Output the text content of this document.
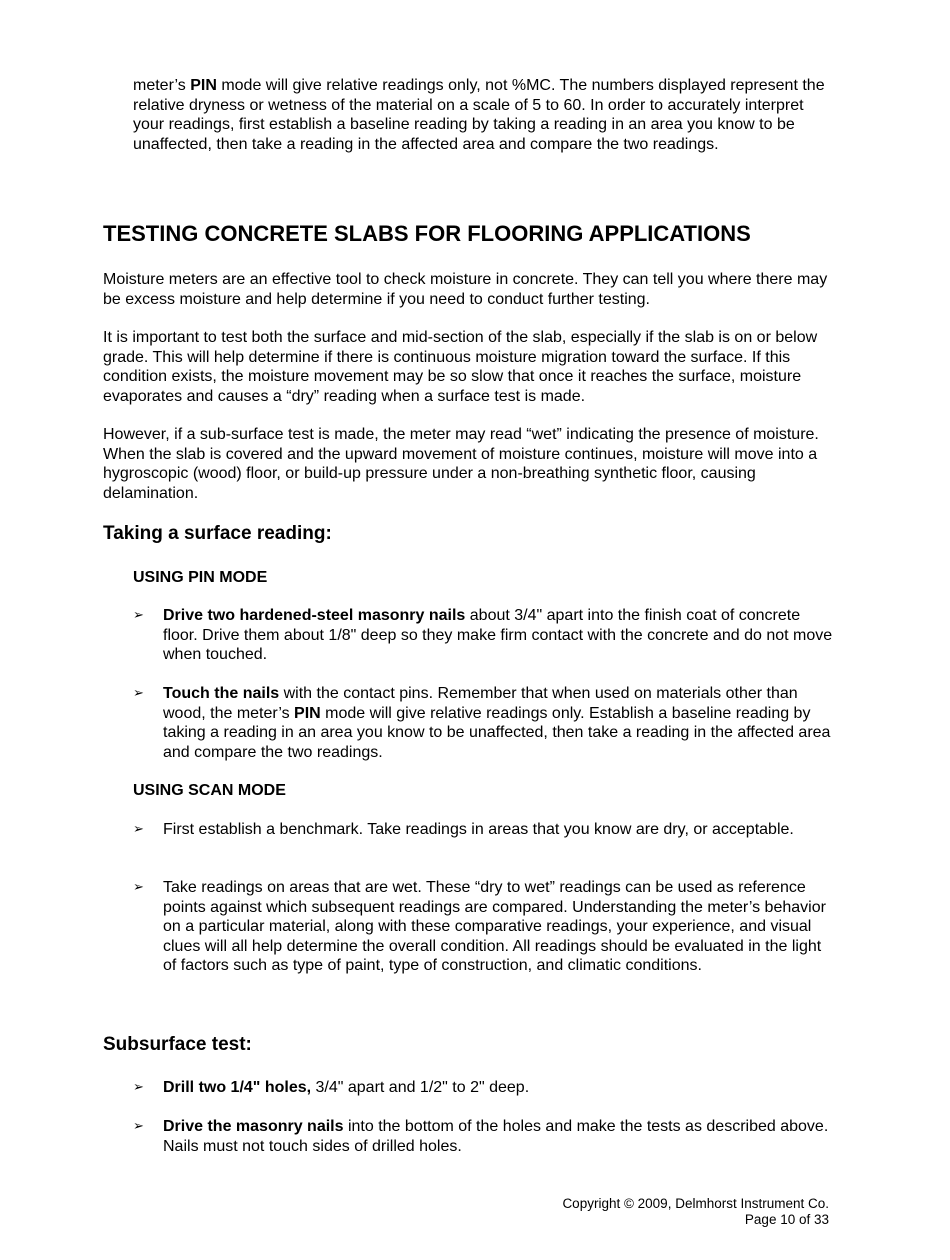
meter’s PIN mode will give relative readings only, not %MC. The numbers displayed represent the relative dryness or wetness of the material on a scale of 5 to 60. In order to accurately interpret your readings, first establish a baseline reading by taking a reading in an area you know to be unaffected, then take a reading in the affected area and compare the two readings.

TESTING CONCRETE SLABS FOR FLOORING APPLICATIONS

Moisture meters are an effective tool to check moisture in concrete. They can tell you where there may be excess moisture and help determine if you need to conduct further testing.

It is important to test both the surface and mid-section of the slab, especially if the slab is on or below grade. This will help determine if there is continuous moisture migration toward the surface. If this condition exists, the moisture movement may be so slow that once it reaches the surface, moisture evaporates and causes a “dry” reading when a surface test is made.

However, if a sub-surface test is made, the meter may read “wet” indicating the presence of moisture. When the slab is covered and the upward movement of moisture continues, moisture will move into a hygroscopic (wood) floor, or build-up pressure under a non-breathing synthetic floor, causing delamination.

Taking a surface reading:

USING PIN MODE

➢	Drive two hardened-steel masonry nails about 3/4" apart into the finish coat of concrete floor. Drive them about 1/8" deep so they make firm contact with the concrete and do not move when touched.

➢	Touch the nails with the contact pins. Remember that when used on materials other than wood, the meter’s PIN mode will give relative readings only. Establish a baseline reading by taking a reading in an area you know to be unaffected, then take a reading in the affected area and compare the two readings.

USING SCAN MODE

➢	First establish a benchmark. Take readings in areas that you know are dry, or acceptable.

➢	Take readings on areas that are wet. These “dry to wet” readings can be used as reference points against which subsequent readings are compared. Understanding the meter’s behavior on a particular material, along with these comparative readings, your experience, and visual clues will all help determine the overall condition. All readings should be evaluated in the light of factors such as type of paint, type of construction, and climatic conditions.

Subsurface test:
➢	Drill two 1/4" holes, 3/4" apart and 1/2" to 2" deep.

➢	Drive the masonry nails into the bottom of the holes and make the tests as described above. Nails must not touch sides of drilled holes.

Copyright © 2009, Delmhorst Instrument Co.
Page 10 of 33
